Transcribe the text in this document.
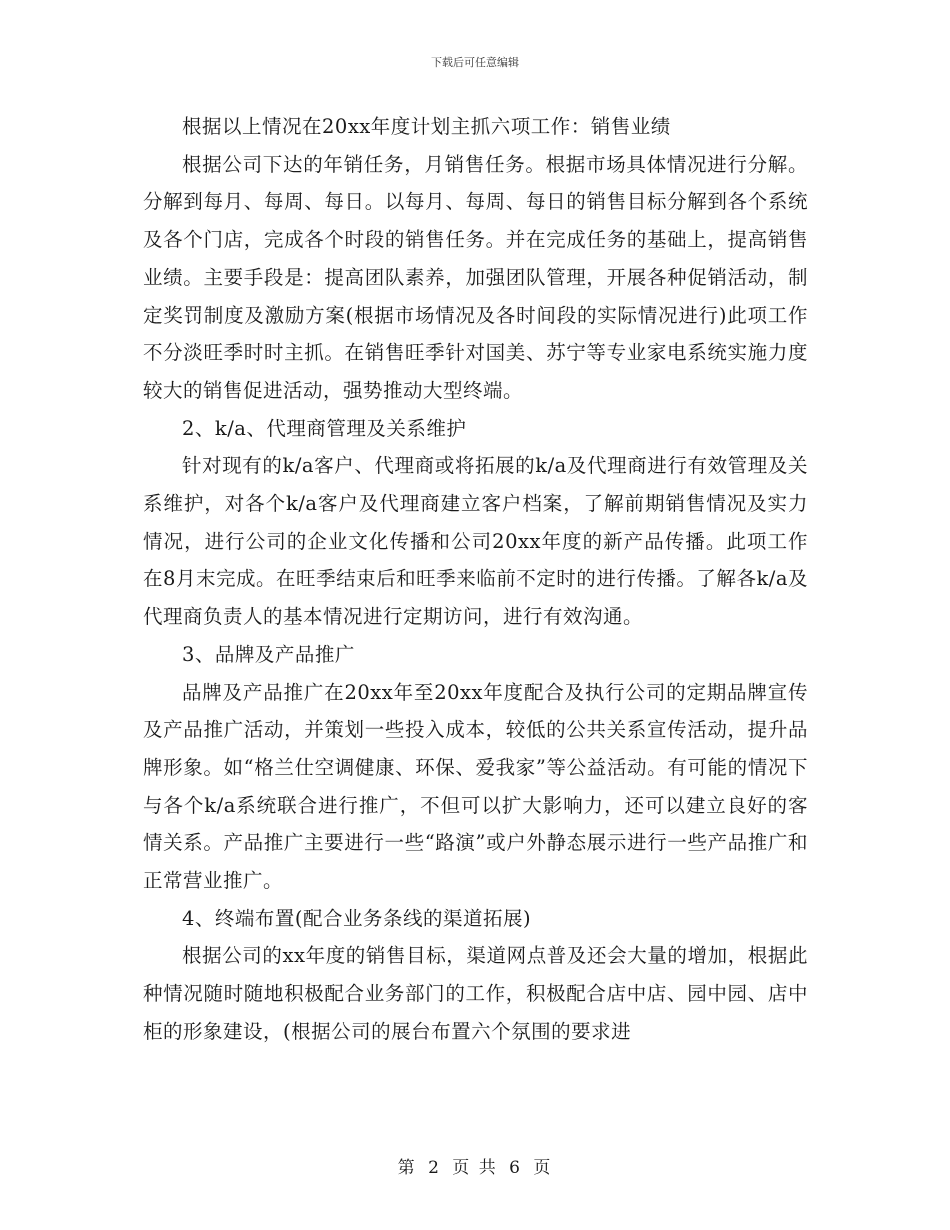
下载后可任意编辑

根据以上情况在20xx年度计划主抓六项工作：销售业绩

根据公司下达的年销任务，月销售任务。根据市场具体情况进行分解。分解到每月、每周、每日。以每月、每周、每日的销售目标分解到各个系统及各个门店，完成各个时段的销售任务。并在完成任务的基础上，提高销售业绩。主要手段是：提高团队素养，加强团队管理，开展各种促销活动，制定奖罚制度及激励方案(根据市场情况及各时间段的实际情况进行)此项工作不分淡旺季时时主抓。在销售旺季针对国美、苏宁等专业家电系统实施力度较大的销售促进活动，强势推动大型终端。

2、k/a、代理商管理及关系维护

针对现有的k/a客户、代理商或将拓展的k/a及代理商进行有效管理及关系维护，对各个k/a客户及代理商建立客户档案，了解前期销售情况及实力情况，进行公司的企业文化传播和公司20xx年度的新产品传播。此项工作在8月末完成。在旺季结束后和旺季来临前不定时的进行传播。了解各k/a及代理商负责人的基本情况进行定期访问，进行有效沟通。

3、品牌及产品推广

品牌及产品推广在20xx年至20xx年度配合及执行公司的定期品牌宣传及产品推广活动，并策划一些投入成本，较低的公共关系宣传活动，提升品牌形象。如“格兰仕空调健康、环保、爱我家”等公益活动。有可能的情况下与各个k/a系统联合进行推广，不但可以扩大影响力，还可以建立良好的客情关系。产品推广主要进行一些“路演”或户外静态展示进行一些产品推广和正常营业推广。

4、终端布置(配合业务条线的渠道拓展)

根据公司的xx年度的销售目标，渠道网点普及还会大量的增加，根据此种情况随时随地积极配合业务部门的工作，积极配合店中店、园中园、店中柜的形象建设，(根据公司的展台布置六个氛围的要求进

第 2 页 共 6 页
